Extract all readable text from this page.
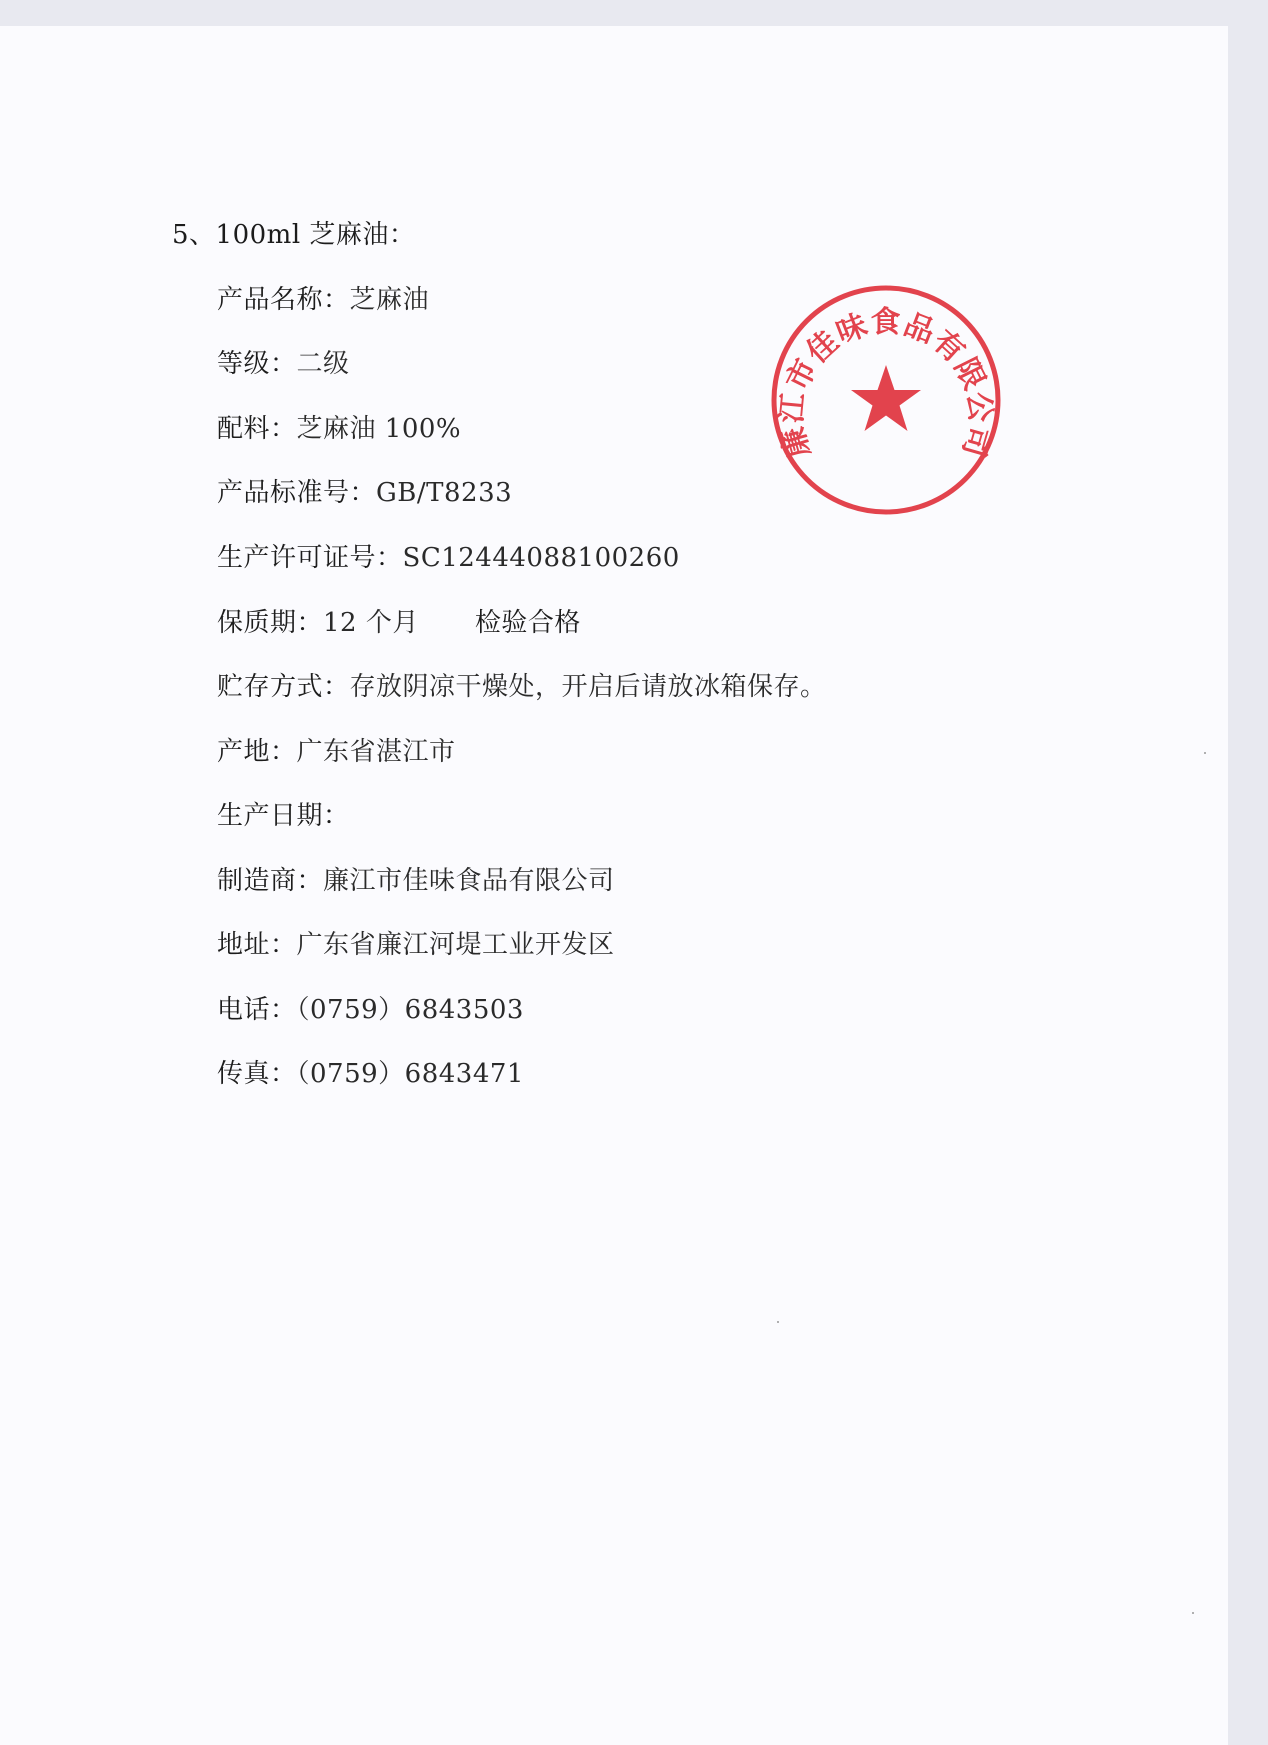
5、100ml 芝麻油：
产品名称：芝麻油
等级：二级
配料：芝麻油 100%
产品标准号：GB/T8233
生产许可证号：SC12444088100260
保质期：12 个月 检验合格
贮存方式：存放阴凉干燥处，开启后请放冰箱保存。
产地：广东省湛江市
生产日期：
制造商：廉江市佳味食品有限公司
地址：广东省廉江河堤工业开发区
电话：（0759）6843503
传真：（0759）6843471
廉江市佳味食品有限公司
